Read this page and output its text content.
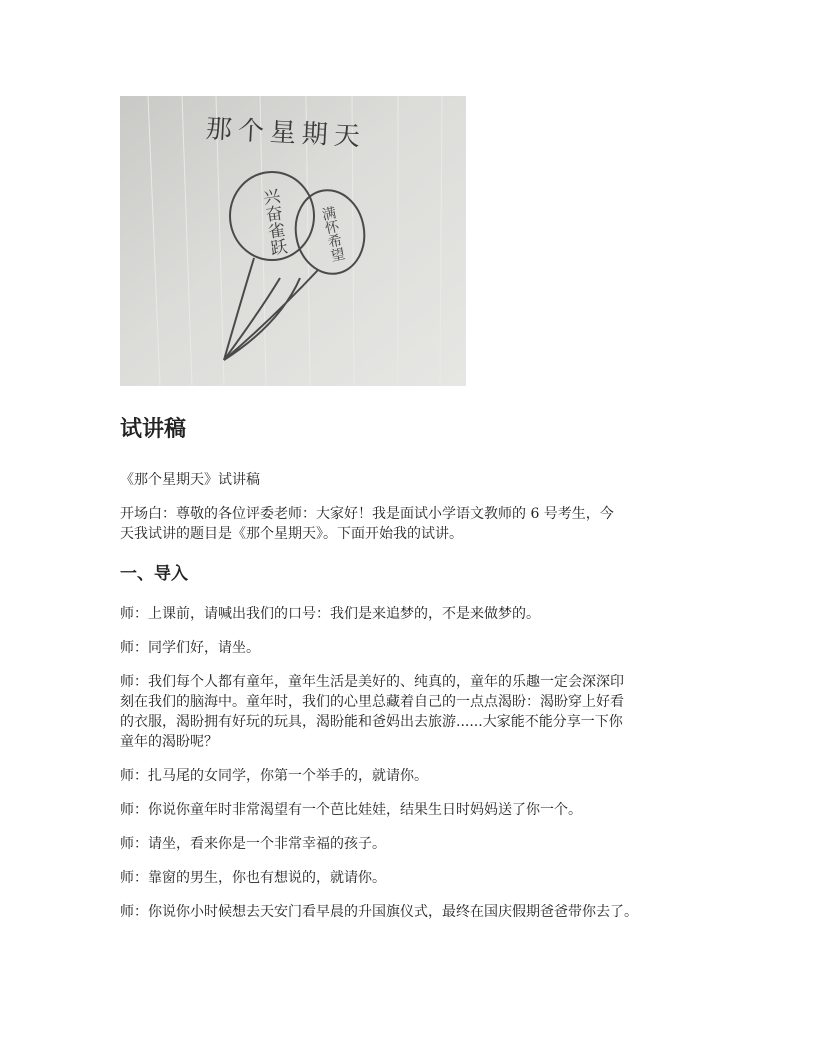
那个星期天
兴奋雀跃 满怀希望
试讲稿
《那个星期天》试讲稿
开场白：尊敬的各位评委老师：大家好！我是面试小学语文教师的 6 号考生，今
天我试讲的题目是《那个星期天》。下面开始我的试讲。
一、导入
师：上课前，请喊出我们的口号：我们是来追梦的，不是来做梦的。
师：同学们好，请坐。
师：我们每个人都有童年，童年生活是美好的、纯真的，童年的乐趣一定会深深印
刻在我们的脑海中。童年时，我们的心里总藏着自己的一点点渴盼：渴盼穿上好看
的衣服，渴盼拥有好玩的玩具，渴盼能和爸妈出去旅游......大家能不能分享一下你
童年的渴盼呢？
师：扎马尾的女同学，你第一个举手的，就请你。
师：你说你童年时非常渴望有一个芭比娃娃，结果生日时妈妈送了你一个。
师：请坐，看来你是一个非常幸福的孩子。
师：靠窗的男生，你也有想说的，就请你。
师：你说你小时候想去天安门看早晨的升国旗仪式，最终在国庆假期爸爸带你去了。
